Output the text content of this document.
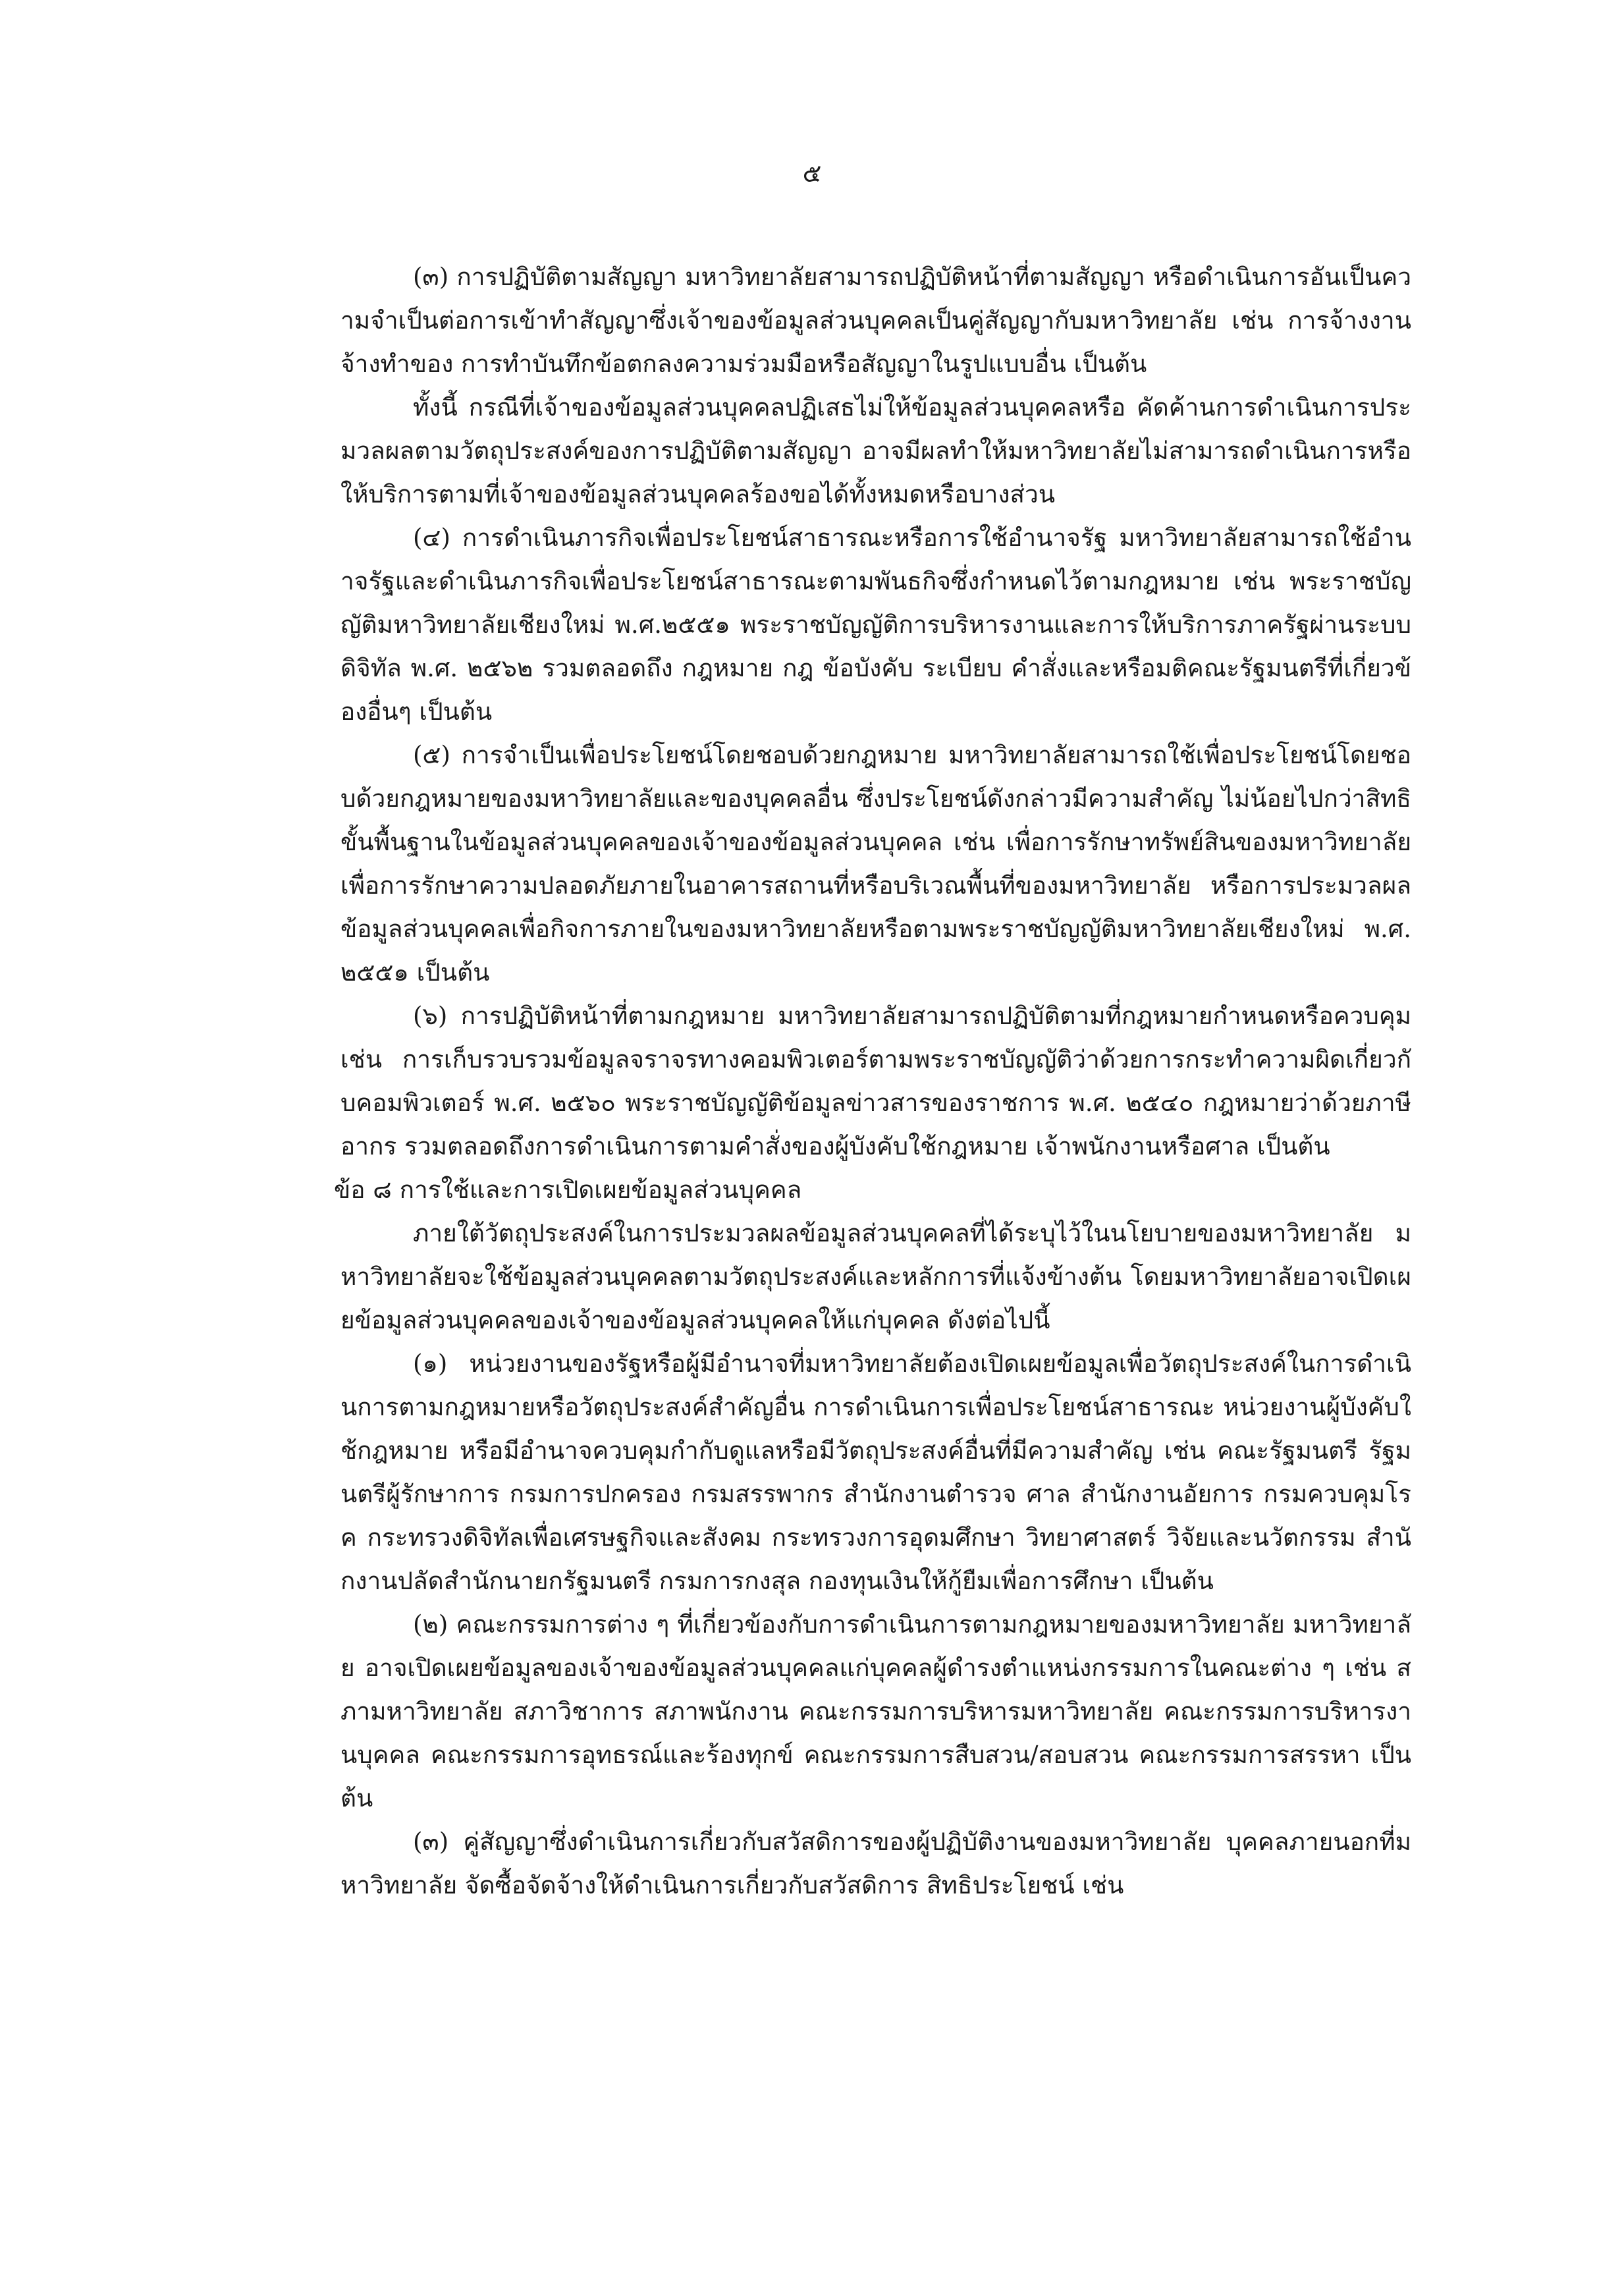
๕

(๓) การปฏิบัติตามสัญญา มหาวิทยาลัยสามารถปฏิบัติหน้าที่ตามสัญญา หรือดำเนินการอันเป็นความจำเป็นต่อการเข้าทำสัญญาซึ่งเจ้าของข้อมูลส่วนบุคคลเป็นคู่สัญญากับมหาวิทยาลัย เช่น การจ้างงาน จ้างทำของ การทำบันทึกข้อตกลงความร่วมมือหรือสัญญาในรูปแบบอื่น เป็นต้น

ทั้งนี้ กรณีที่เจ้าของข้อมูลส่วนบุคคลปฏิเสธไม่ให้ข้อมูลส่วนบุคคลหรือ คัดค้านการดำเนินการประมวลผลตามวัตถุประสงค์ของการปฏิบัติตามสัญญา อาจมีผลทำให้มหาวิทยาลัยไม่สามารถดำเนินการหรือให้บริการตามที่เจ้าของข้อมูลส่วนบุคคลร้องขอได้ทั้งหมดหรือบางส่วน

(๔) การดำเนินภารกิจเพื่อประโยชน์สาธารณะหรือการใช้อำนาจรัฐ มหาวิทยาลัยสามารถใช้อำนาจรัฐและดำเนินภารกิจเพื่อประโยชน์สาธารณะตามพันธกิจซึ่งกำหนดไว้ตามกฎหมาย เช่น พระราชบัญญัติมหาวิทยาลัยเชียงใหม่ พ.ศ.๒๕๕๑ พระราชบัญญัติการบริหารงานและการให้บริการภาครัฐผ่านระบบดิจิทัล พ.ศ. ๒๕๖๒ รวมตลอดถึง กฎหมาย กฎ ข้อบังคับ ระเบียบ คำสั่งและหรือมติคณะรัฐมนตรีที่เกี่ยวข้องอื่นๆ เป็นต้น

(๕) การจำเป็นเพื่อประโยชน์โดยชอบด้วยกฎหมาย มหาวิทยาลัยสามารถใช้เพื่อประโยชน์โดยชอบด้วยกฎหมายของมหาวิทยาลัยและของบุคคลอื่น ซึ่งประโยชน์ดังกล่าวมีความสำคัญ ไม่น้อยไปกว่าสิทธิขั้นพื้นฐานในข้อมูลส่วนบุคคลของเจ้าของข้อมูลส่วนบุคคล เช่น เพื่อการรักษาทรัพย์สินของมหาวิทยาลัย เพื่อการรักษาความปลอดภัยภายในอาคารสถานที่หรือบริเวณพื้นที่ของมหาวิทยาลัย หรือการประมวลผลข้อมูลส่วนบุคคลเพื่อกิจการภายในของมหาวิทยาลัยหรือตามพระราชบัญญัติมหาวิทยาลัยเชียงใหม่ พ.ศ.๒๕๕๑ เป็นต้น

(๖) การปฏิบัติหน้าที่ตามกฎหมาย มหาวิทยาลัยสามารถปฏิบัติตามที่กฎหมายกำหนดหรือควบคุม เช่น การเก็บรวบรวมข้อมูลจราจรทางคอมพิวเตอร์ตามพระราชบัญญัติว่าด้วยการกระทำความผิดเกี่ยวกับคอมพิวเตอร์ พ.ศ. ๒๕๖๐ พระราชบัญญัติข้อมูลข่าวสารของราชการ พ.ศ. ๒๕๔๐ กฎหมายว่าด้วยภาษีอากร รวมตลอดถึงการดำเนินการตามคำสั่งของผู้บังคับใช้กฎหมาย เจ้าพนักงานหรือศาล เป็นต้น

ข้อ ๘ การใช้และการเปิดเผยข้อมูลส่วนบุคคล

ภายใต้วัตถุประสงค์ในการประมวลผลข้อมูลส่วนบุคคลที่ได้ระบุไว้ในนโยบายของมหาวิทยาลัย มหาวิทยาลัยจะใช้ข้อมูลส่วนบุคคลตามวัตถุประสงค์และหลักการที่แจ้งข้างต้น โดยมหาวิทยาลัยอาจเปิดเผยข้อมูลส่วนบุคคลของเจ้าของข้อมูลส่วนบุคคลให้แก่บุคคล ดังต่อไปนี้

(๑) หน่วยงานของรัฐหรือผู้มีอำนาจที่มหาวิทยาลัยต้องเปิดเผยข้อมูลเพื่อวัตถุประสงค์ในการดำเนินการตามกฎหมายหรือวัตถุประสงค์สำคัญอื่น การดำเนินการเพื่อประโยชน์สาธารณะ หน่วยงานผู้บังคับใช้กฎหมาย หรือมีอำนาจควบคุมกำกับดูแลหรือมีวัตถุประสงค์อื่นที่มีความสำคัญ เช่น คณะรัฐมนตรี รัฐมนตรีผู้รักษาการ กรมการปกครอง กรมสรรพากร สำนักงานตำรวจ ศาล สำนักงานอัยการ กรมควบคุมโรค กระทรวงดิจิทัลเพื่อเศรษฐกิจและสังคม กระทรวงการอุดมศึกษา วิทยาศาสตร์ วิจัยและนวัตกรรม สำนักงานปลัดสำนักนายกรัฐมนตรี กรมการกงสุล กองทุนเงินให้กู้ยืมเพื่อการศึกษา เป็นต้น

(๒) คณะกรรมการต่าง ๆ ที่เกี่ยวข้องกับการดำเนินการตามกฎหมายของมหาวิทยาลัย มหาวิทยาลัย อาจเปิดเผยข้อมูลของเจ้าของข้อมูลส่วนบุคคลแก่บุคคลผู้ดำรงตำแหน่งกรรมการในคณะต่าง ๆ เช่น สภามหาวิทยาลัย สภาวิชาการ สภาพนักงาน คณะกรรมการบริหารมหาวิทยาลัย คณะกรรมการบริหารงานบุคคล คณะกรรมการอุทธรณ์และร้องทุกข์ คณะกรรมการสืบสวน/สอบสวน คณะกรรมการสรรหา เป็นต้น

(๓) คู่สัญญาซึ่งดำเนินการเกี่ยวกับสวัสดิการของผู้ปฏิบัติงานของมหาวิทยาลัย บุคคลภายนอกที่มหาวิทยาลัย จัดซื้อจัดจ้างให้ดำเนินการเกี่ยวกับสวัสดิการ สิทธิประโยชน์ เช่น
